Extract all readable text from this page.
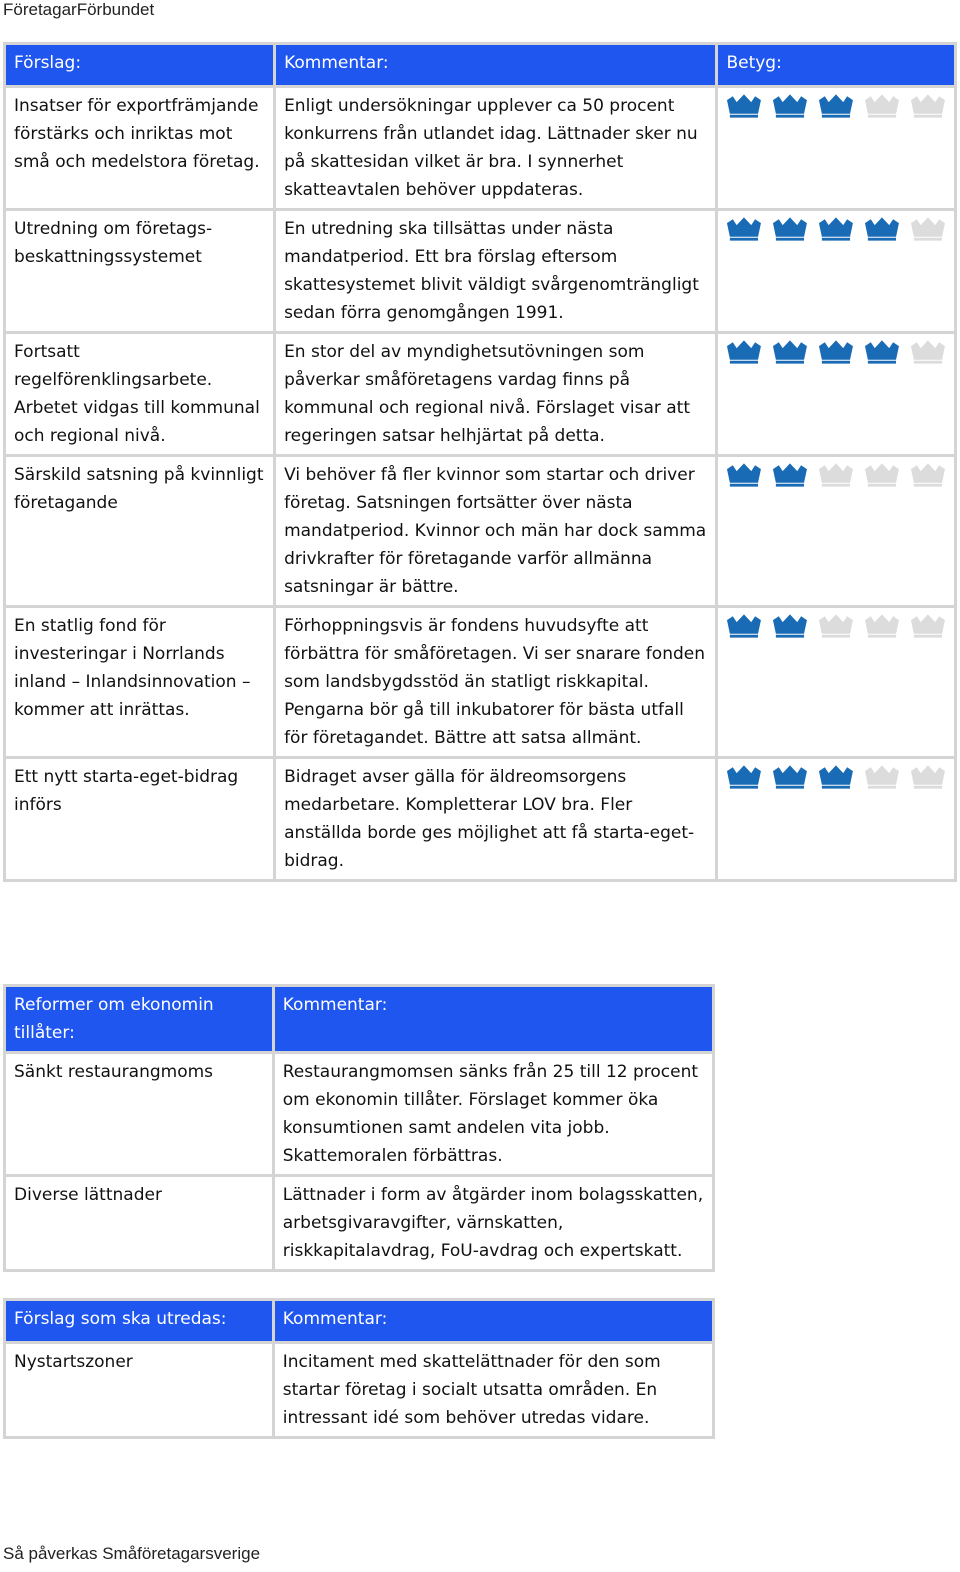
FöretagarFörbundet
Förslag:	Kommentar:	Betyg:
Insatser för exportfrämjande förstärks och inriktas mot små och medelstora företag.	Enligt undersökningar upplever ca 50 procent konkurrens från utlandet idag. Lättnader sker nu på skattesidan vilket är bra. I synnerhet skatteavtalen behöver uppdateras.	

Utredning om företags-beskattningssystemet	En utredning ska tillsättas under nästa mandatperiod. Ett bra förslag eftersom skattesystemet blivit väldigt svårgenomträngligt sedan förra genomgången 1991.	

Fortsatt regelförenklingsarbete. Arbetet vidgas till kommunal och regional nivå.	En stor del av myndighetsutövningen som påverkar småföretagens vardag finns på kommunal och regional nivå. Förslaget visar att regeringen satsar helhjärtat på detta.	

Särskild satsning på kvinnligt företagande	Vi behöver få fler kvinnor som startar och driver företag. Satsningen fortsätter över nästa mandatperiod. Kvinnor och män har dock samma drivkrafter för företagande varför allmänna satsningar är bättre.	

En statlig fond för investeringar i Norrlands inland – Inlandsinnovation – kommer att inrättas.	Förhoppningsvis är fondens huvudsyfte att förbättra för småföretagen. Vi ser snarare fonden som landsbygdsstöd än statligt riskkapital. Pengarna bör gå till inkubatorer för bästa utfall för företagandet. Bättre att satsa allmänt.	

Ett nytt starta-eget-bidrag införs	Bidraget avser gälla för äldreomsorgens medarbetare. Kompletterar LOV bra. Fler anställda borde ges möjlighet att få starta-eget-bidrag.	
Reformer om ekonomin tillåter:	Kommentar:
Sänkt restaurangmoms	Restaurangmomsen sänks från 25 till 12 procent om ekonomin tillåter. Förslaget kommer öka konsumtionen samt andelen vita jobb. Skattemoralen förbättras.
Diverse lättnader	Lättnader i form av åtgärder inom bolagsskatten, arbetsgivaravgifter, värnskatten, riskkapitalavdrag, FoU-avdrag och expertskatt.
Förslag som ska utredas:	Kommentar:
Nystartszoner	Incitament med skattelättnader för den som startar företag i socialt utsatta områden. En intressant idé som behöver utredas vidare.
Så påverkas Småföretagarsverige
